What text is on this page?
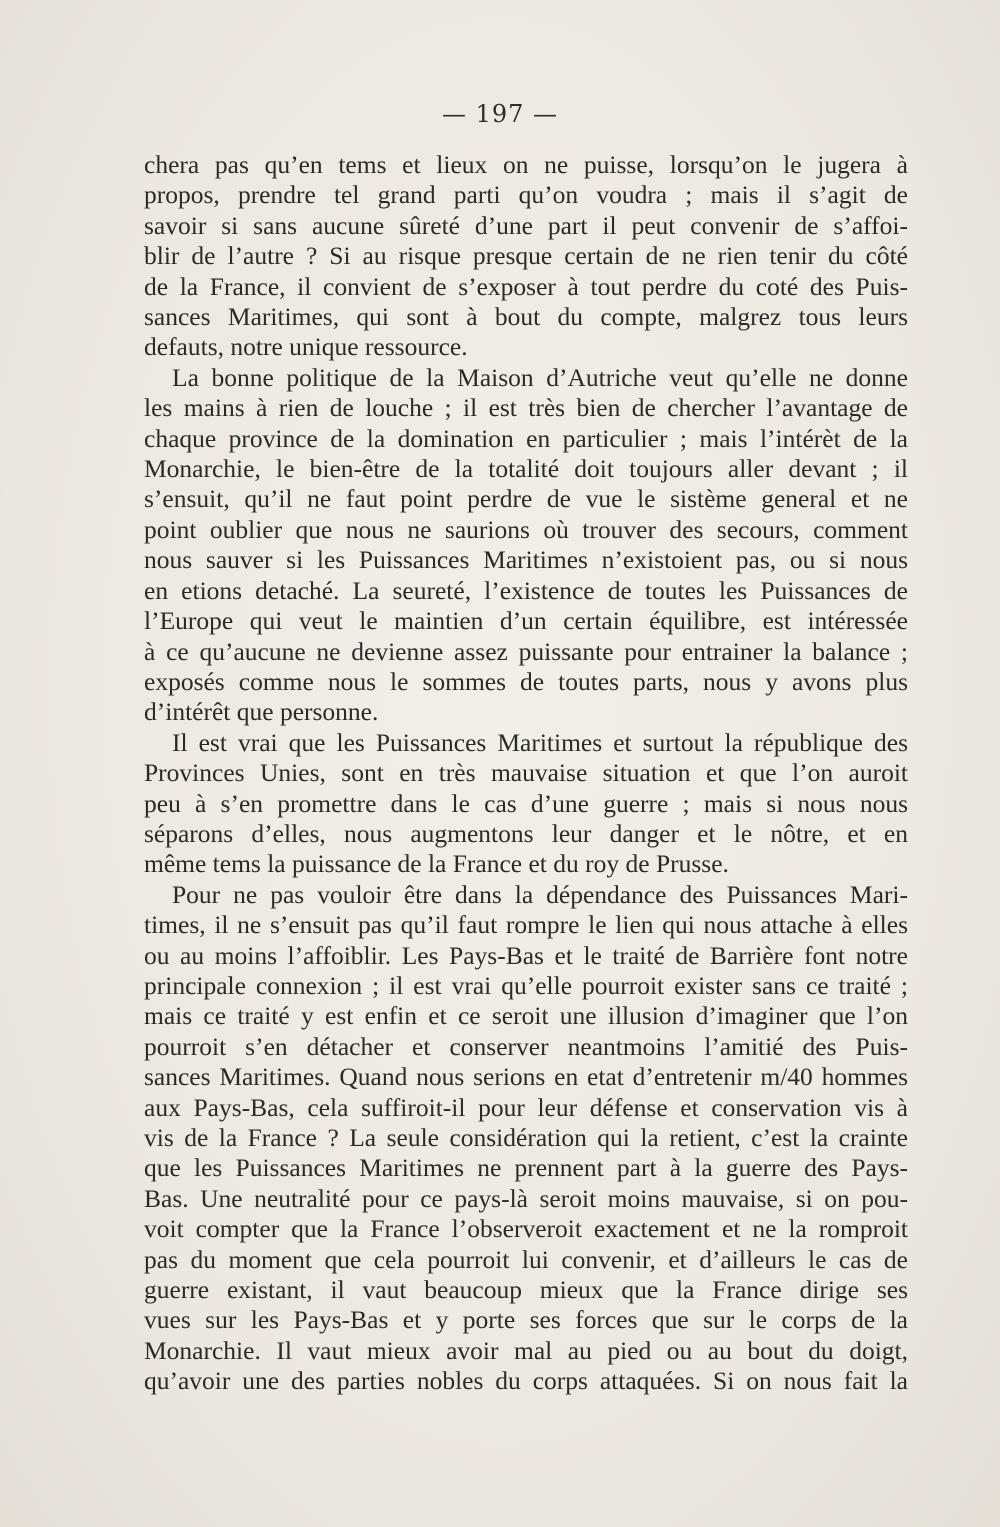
— 197 —
chera pas qu’en tems et lieux on ne puisse, lorsqu’on le jugera à
propos, prendre tel grand parti qu’on voudra ; mais il s’agit de
savoir si sans aucune sûreté d’une part il peut convenir de s’affoi-
blir de l’autre ? Si au risque presque certain de ne rien tenir du côté
de la France, il convient de s’exposer à tout perdre du coté des Puis-
sances Maritimes, qui sont à bout du compte, malgrez tous leurs
defauts, notre unique ressource.
La bonne politique de la Maison d’Autriche veut qu’elle ne donne
les mains à rien de louche ; il est très bien de chercher l’avantage de
chaque province de la domination en particulier ; mais l’intérèt de la
Monarchie, le bien-être de la totalité doit toujours aller devant ; il
s’ensuit, qu’il ne faut point perdre de vue le sistème general et ne
point oublier que nous ne saurions où trouver des secours, comment
nous sauver si les Puissances Maritimes n’existoient pas, ou si nous
en etions detaché. La seureté, l’existence de toutes les Puissances de
l’Europe qui veut le maintien d’un certain équilibre, est intéressée
à ce qu’aucune ne devienne assez puissante pour entrainer la balance ;
exposés comme nous le sommes de toutes parts, nous y avons plus
d’intérêt que personne.
Il est vrai que les Puissances Maritimes et surtout la république des
Provinces Unies, sont en très mauvaise situation et que l’on auroit
peu à s’en promettre dans le cas d’une guerre ; mais si nous nous
séparons d’elles, nous augmentons leur danger et le nôtre, et en
même tems la puissance de la France et du roy de Prusse.
Pour ne pas vouloir être dans la dépendance des Puissances Mari-
times, il ne s’ensuit pas qu’il faut rompre le lien qui nous attache à elles
ou au moins l’affoiblir. Les Pays-Bas et le traité de Barrière font notre
principale connexion ; il est vrai qu’elle pourroit exister sans ce traité ;
mais ce traité y est enfin et ce seroit une illusion d’imaginer que l’on
pourroit s’en détacher et conserver neantmoins l’amitié des Puis-
sances Maritimes. Quand nous serions en etat d’entretenir m/40 hommes
aux Pays-Bas, cela suffiroit-il pour leur défense et conservation vis à
vis de la France ? La seule considération qui la retient, c’est la crainte
que les Puissances Maritimes ne prennent part à la guerre des Pays-
Bas. Une neutralité pour ce pays-là seroit moins mauvaise, si on pou-
voit compter que la France l’observeroit exactement et ne la romproit
pas du moment que cela pourroit lui convenir, et d’ailleurs le cas de
guerre existant, il vaut beaucoup mieux que la France dirige ses
vues sur les Pays-Bas et y porte ses forces que sur le corps de la
Monarchie. Il vaut mieux avoir mal au pied ou au bout du doigt,
qu’avoir une des parties nobles du corps attaquées. Si on nous fait la
